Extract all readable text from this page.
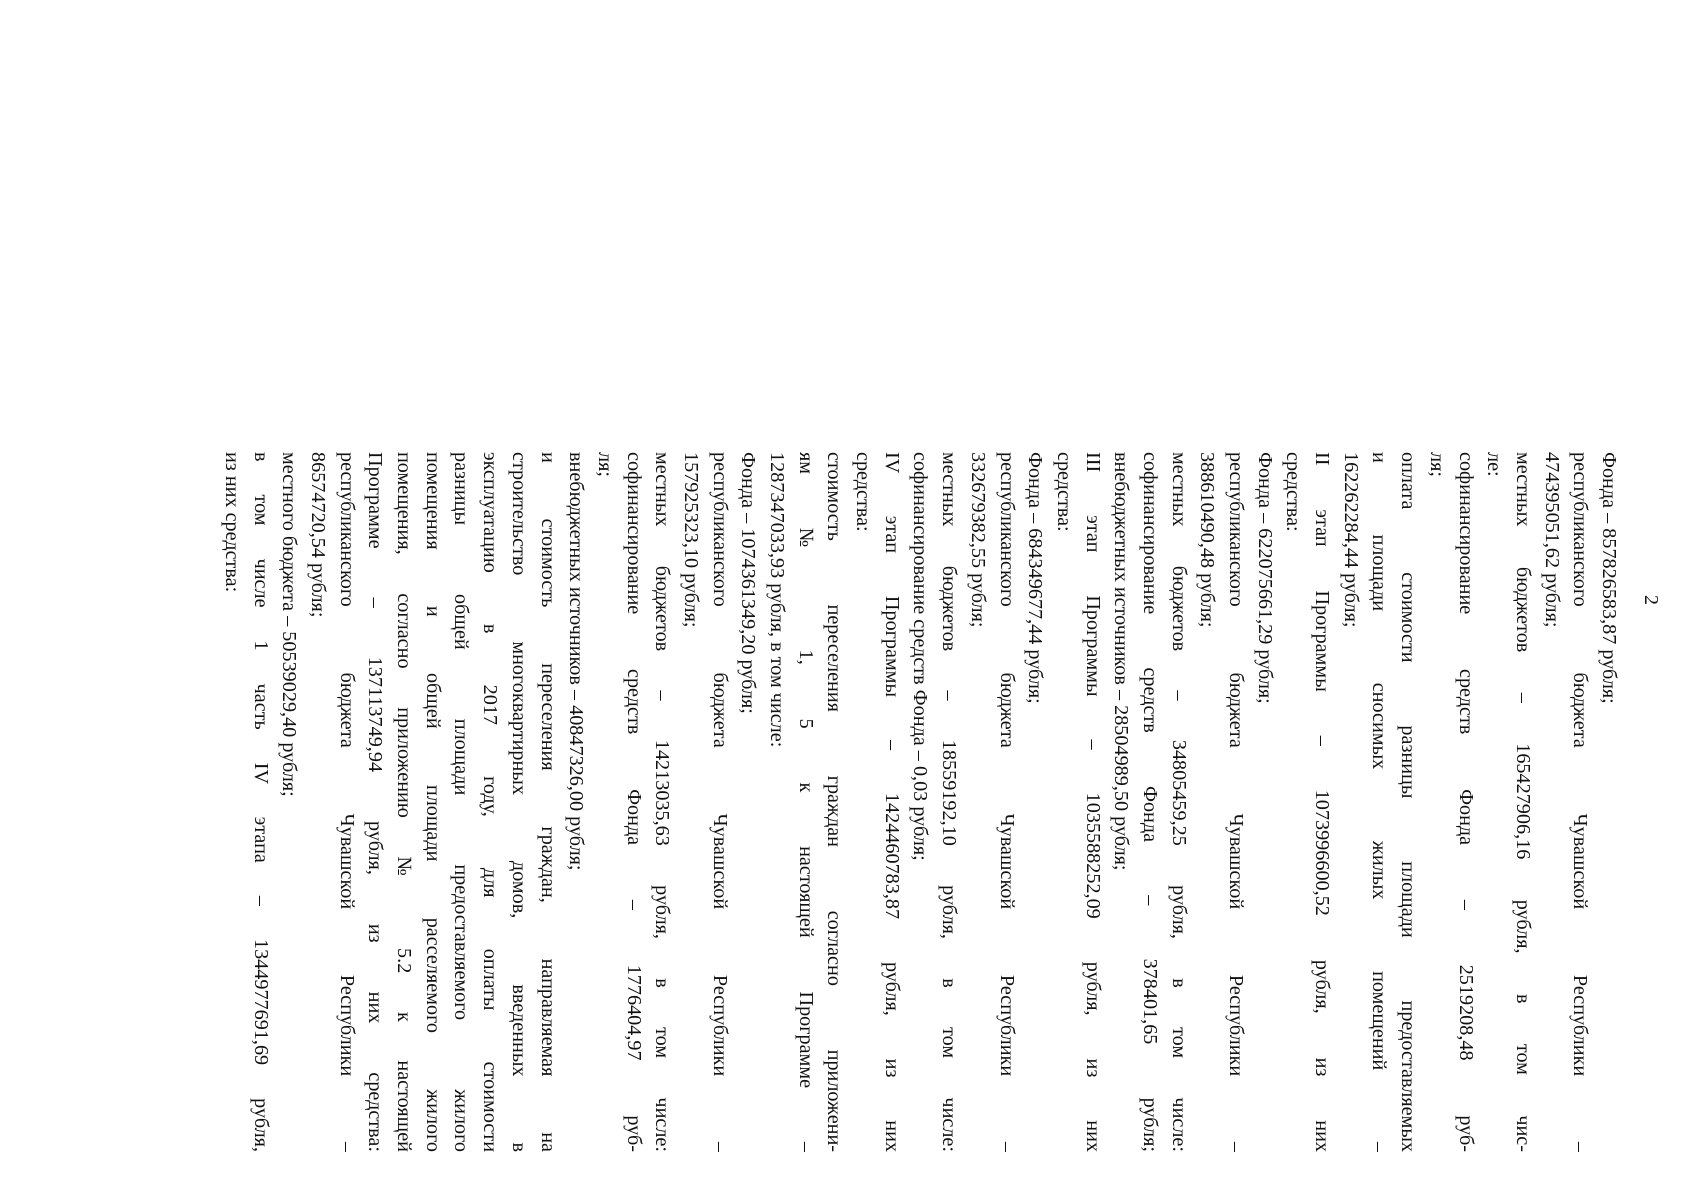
2

Фонда – 857826583,87 рубля;

республиканского бюджета Чувашской Республики –

474395051,62 рубля;

местных бюджетов – 165427906,16 рубля, в том чис-

ле:

софинансирование средств Фонда – 2519208,48 руб-

ля;

оплата стоимости разницы площади предоставляемых

и площади сносимых жилых помещений –

162262284,44 рубля;

II этап Программы – 1073996600,52 рубля, из них

средства:

Фонда – 622075661,29 рубля;

республиканского бюджета Чувашской Республики –

388610490,48 рубля;

местных бюджетов – 34805459,25 рубля, в том числе:

софинансирование средств Фонда – 378401,65 рубля;

внебюджетных источников – 28504989,50 рубля;

III этап Программы – 1035588252,09 рубля, из них

средства:

Фонда – 684349677,44 рубля;

республиканского бюджета Чувашской Республики –

332679382,55 рубля;

местных бюджетов – 18559192,10 рубля, в том числе:

софинансирование средств Фонда – 0,03 рубля;

IV этап Программы – 1424460783,87 рубля, из них

средства:

стоимость переселения граждан согласно приложени-

ям № 1, 5 к настоящей Программе –

1287347033,93 рубля, в том числе:

Фонда – 1074361349,20 рубля;

республиканского бюджета Чувашской Республики –

157925323,10 рубля;

местных бюджетов – 14213035,63 рубля, в том числе:

софинансирование средств Фонда – 1776404,97 руб-

ля;

внебюджетных источников – 40847326,00 рубля;

и стоимость переселения граждан, направляемая на

строительство многоквартирных домов, введенных в

эксплуатацию в 2017 году, для оплаты стоимости

разницы общей площади предоставляемого жилого

помещения и общей площади расселяемого жилого

помещения, согласно приложению № 5.2 к настоящей

Программе – 137113749,94 рубля, из них средства:

республиканского бюджета Чувашской Республики –

86574720,54 рубля;

местного бюджета – 50539029,40 рубля;

в том числе 1 часть IV этапа – 1344977691,69 рубля,

из них средства:
